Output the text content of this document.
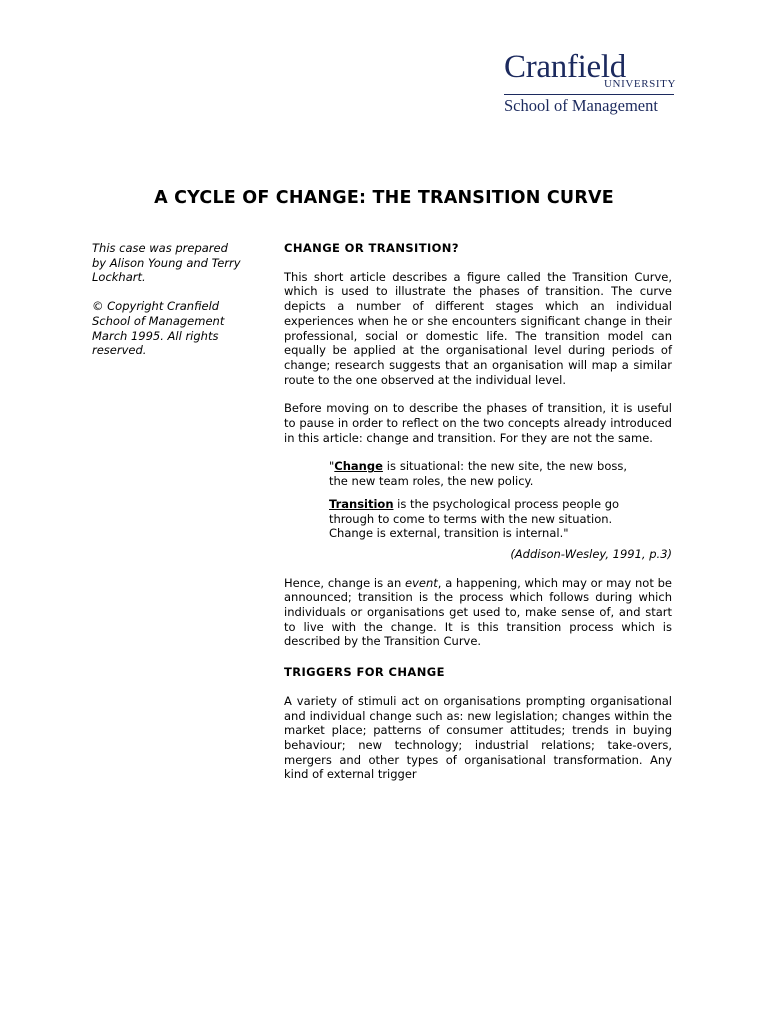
Cranfield
UNIVERSITY
School of Management
A CYCLE OF CHANGE: THE TRANSITION CURVE

This case was prepared by Alison Young and Terry Lockhart.

© Copyright Cranfield School of Management March 1995. All rights reserved.

CHANGE OR TRANSITION?

This short article describes a figure called the Transition Curve, which is used to illustrate the phases of transition. The curve depicts a number of different stages which an individual experiences when he or she encounters significant change in their professional, social or domestic life. The transition model can equally be applied at the organisational level during periods of change; research suggests that an organisation will map a similar route to the one observed at the individual level.

Before moving on to describe the phases of transition, it is useful to pause in order to reflect on the two concepts already introduced in this article: change and transition. For they are not the same.

"Change is situational: the new site, the new boss, the new team roles, the new policy.

Transition is the psychological process people go through to come to terms with the new situation. Change is external, transition is internal."

(Addison-Wesley, 1991, p.3)

Hence, change is an event, a happening, which may or may not be announced; transition is the process which follows during which individuals or organisations get used to, make sense of, and start to live with the change. It is this transition process which is described by the Transition Curve.

TRIGGERS FOR CHANGE

A variety of stimuli act on organisations prompting organisational and individual change such as: new legislation; changes within the market place; patterns of consumer attitudes; trends in buying behaviour; new technology; industrial relations; take-overs, mergers and other types of organisational transformation. Any kind of external trigger
